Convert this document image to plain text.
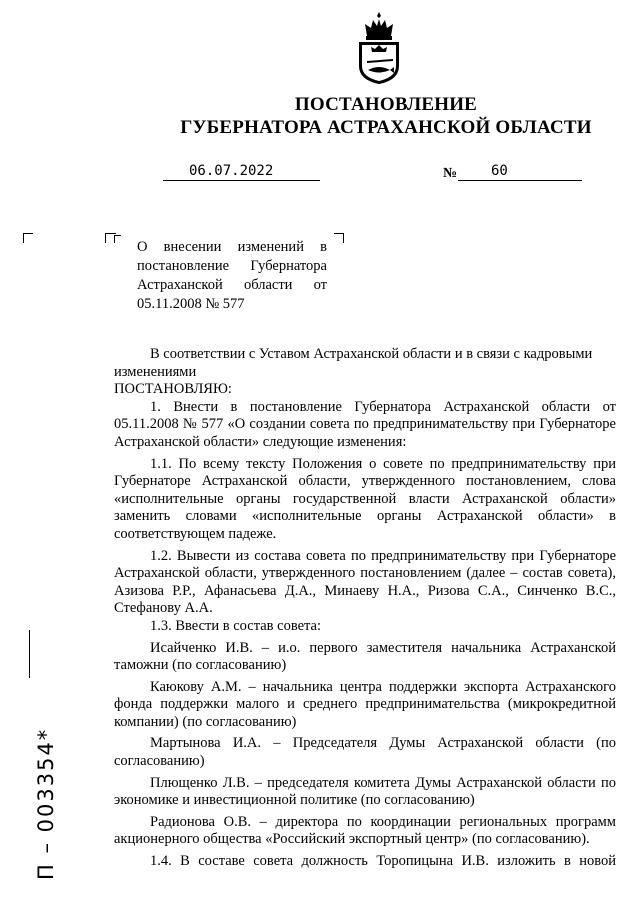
ПОСТАНОВЛЕНИЕ
ГУБЕРНАТОРА АСТРАХАНСКОЙ ОБЛАСТИ
06.07.2022	№ 60
О внесении изменений в постановление Губернатора Астраханской области от 05.11.2008 № 577

В соответствии с Уставом Астраханской области и в связи с кадровыми изменениями

ПОСТАНОВЛЯЮ:

1. Внести в постановление Губернатора Астраханской области от 05.11.2008 № 577 «О создании совета по предпринимательству при Губернаторе Астраханской области» следующие изменения:

1.1. По всему тексту Положения о совете по предпринимательству при Губернаторе Астраханской области, утвержденного постановлением, слова «исполнительные органы государственной власти Астраханской области» заменить словами «исполнительные органы Астраханской области» в соответствующем падеже.

1.2. Вывести из состава совета по предпринимательству при Губернаторе Астраханской области, утвержденного постановлением (далее – состав совета), Азизова Р.Р., Афанасьева Д.А., Минаеву Н.А., Ризова С.А., Синченко В.С., Стефанову А.А.

1.3. Ввести в состав совета:

Исайченко И.В. – и.о. первого заместителя начальника Астраханской таможни (по согласованию)

Каюкову А.М. – начальника центра поддержки экспорта Астраханского фонда поддержки малого и среднего предпринимательства (микрокредитной компании) (по согласованию)

Мартынова И.А. – Председателя Думы Астраханской области (по согласованию)

Плющенко Л.В. – председателя комитета Думы Астраханской области по экономике и инвестиционной политике (по согласованию)

Радионова О.В. – директора по координации региональных программ акционерного общества «Российский экспортный центр» (по согласованию).

1.4. В составе совета должность Торопицына И.В. изложить в новой

П – 003354*
